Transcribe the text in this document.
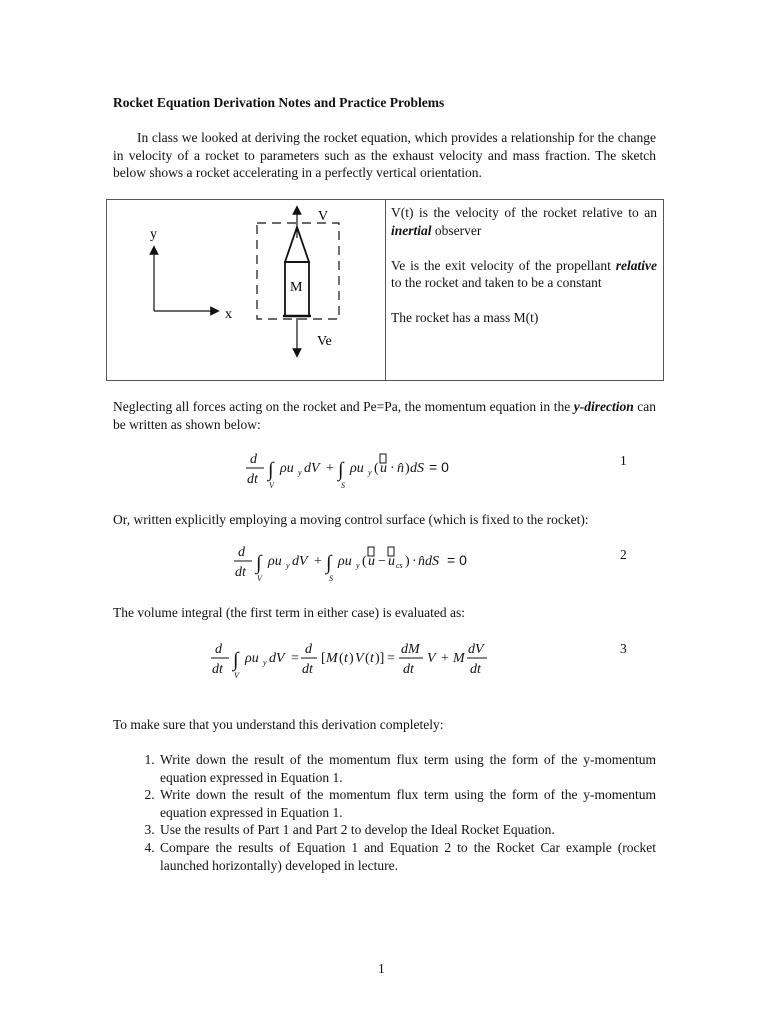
Rocket Equation Derivation Notes and Practice Problems
In class we looked at deriving the rocket equation, which provides a relationship for the change in velocity of a rocket to parameters such as the exhaust velocity and mass fraction. The sketch below shows a rocket accelerating in a perfectly vertical orientation.
y
x
V
M
Ve

V(t) is the velocity of the rocket relative to an inertial observer

Ve is the exit velocity of the propellant relative to the rocket and taken to be a constant

The rocket has a mass M(t)

Neglecting all forces acting on the rocket and Pe=Pa, the momentum equation in the y-direction can be written as shown below:
d
dt ∫
V
ρu y dV + ∫
S
ρu y ( u · n̂ ) dS = 0	1
Or, written explicitly employing a moving control surface (which is fixed to the rocket):
d
dt ∫
V
ρu y dV + ∫
S
ρu y ( u − u cs ) · n̂dS = 0	2
The volume integral (the first term in either case) is evaluated as:
d
dt ∫
V
ρu y dV =
d
dt
[ M ( t ) V ( t )] =
dM
dt
V + M
dV
dt
3
To make sure that you understand this derivation completely:
1. Write down the result of the momentum flux term using the form of the y-momentum equation expressed in Equation 1.
2. Write down the result of the momentum flux term using the form of the y-momentum equation expressed in Equation 1.
3. Use the results of Part 1 and Part 2 to develop the Ideal Rocket Equation.
4. Compare the results of Equation 1 and Equation 2 to the Rocket Car example (rocket launched horizontally) developed in lecture.
1
